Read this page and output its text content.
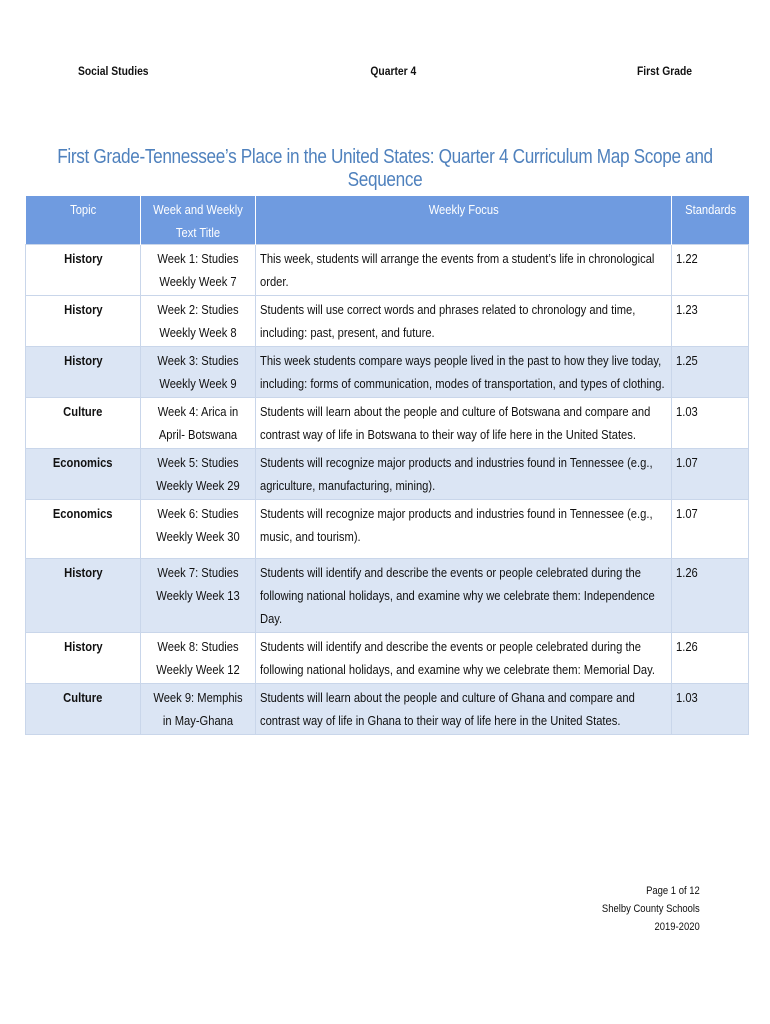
Social Studies	Quarter 4	First Grade
First Grade-Tennessee’s Place in the United States: Quarter 4 Curriculum Map Scope and Sequence
Topic	Week and Weekly Text Title	Weekly Focus	Standards
History	Week 1: Studies Weekly Week 7	This week, students will arrange the events from a student’s life in chronological order.	1.22
History	Week 2: Studies Weekly Week 8	Students will use correct words and phrases related to chronology and time, including: past, present, and future.	1.23
History	Week 3: Studies Weekly Week 9	This week students compare ways people lived in the past to how they live today, including: forms of communication, modes of transportation, and types of clothing.	1.25
Culture	Week 4: Arica in April- Botswana	Students will learn about the people and culture of Botswana and compare and contrast way of life in Botswana to their way of life here in the United States.	1.03
Economics	Week 5: Studies Weekly Week 29	Students will recognize major products and industries found in Tennessee (e.g., agriculture, manufacturing, mining).	1.07
Economics	Week 6: Studies Weekly Week 30	Students will recognize major products and industries found in Tennessee (e.g., music, and tourism).	1.07
History	Week 7: Studies Weekly Week 13	Students will identify and describe the events or people celebrated during the following national holidays, and examine why we celebrate them: Independence Day.	1.26
History	Week 8: Studies Weekly Week 12	Students will identify and describe the events or people celebrated during the following national holidays, and examine why we celebrate them: Memorial Day.	1.26
Culture	Week 9: Memphis in May-Ghana	Students will learn about the people and culture of Ghana and compare and contrast way of life in Ghana to their way of life here in the United States.	1.03
Page 1 of 12
Shelby County Schools
2019-2020
